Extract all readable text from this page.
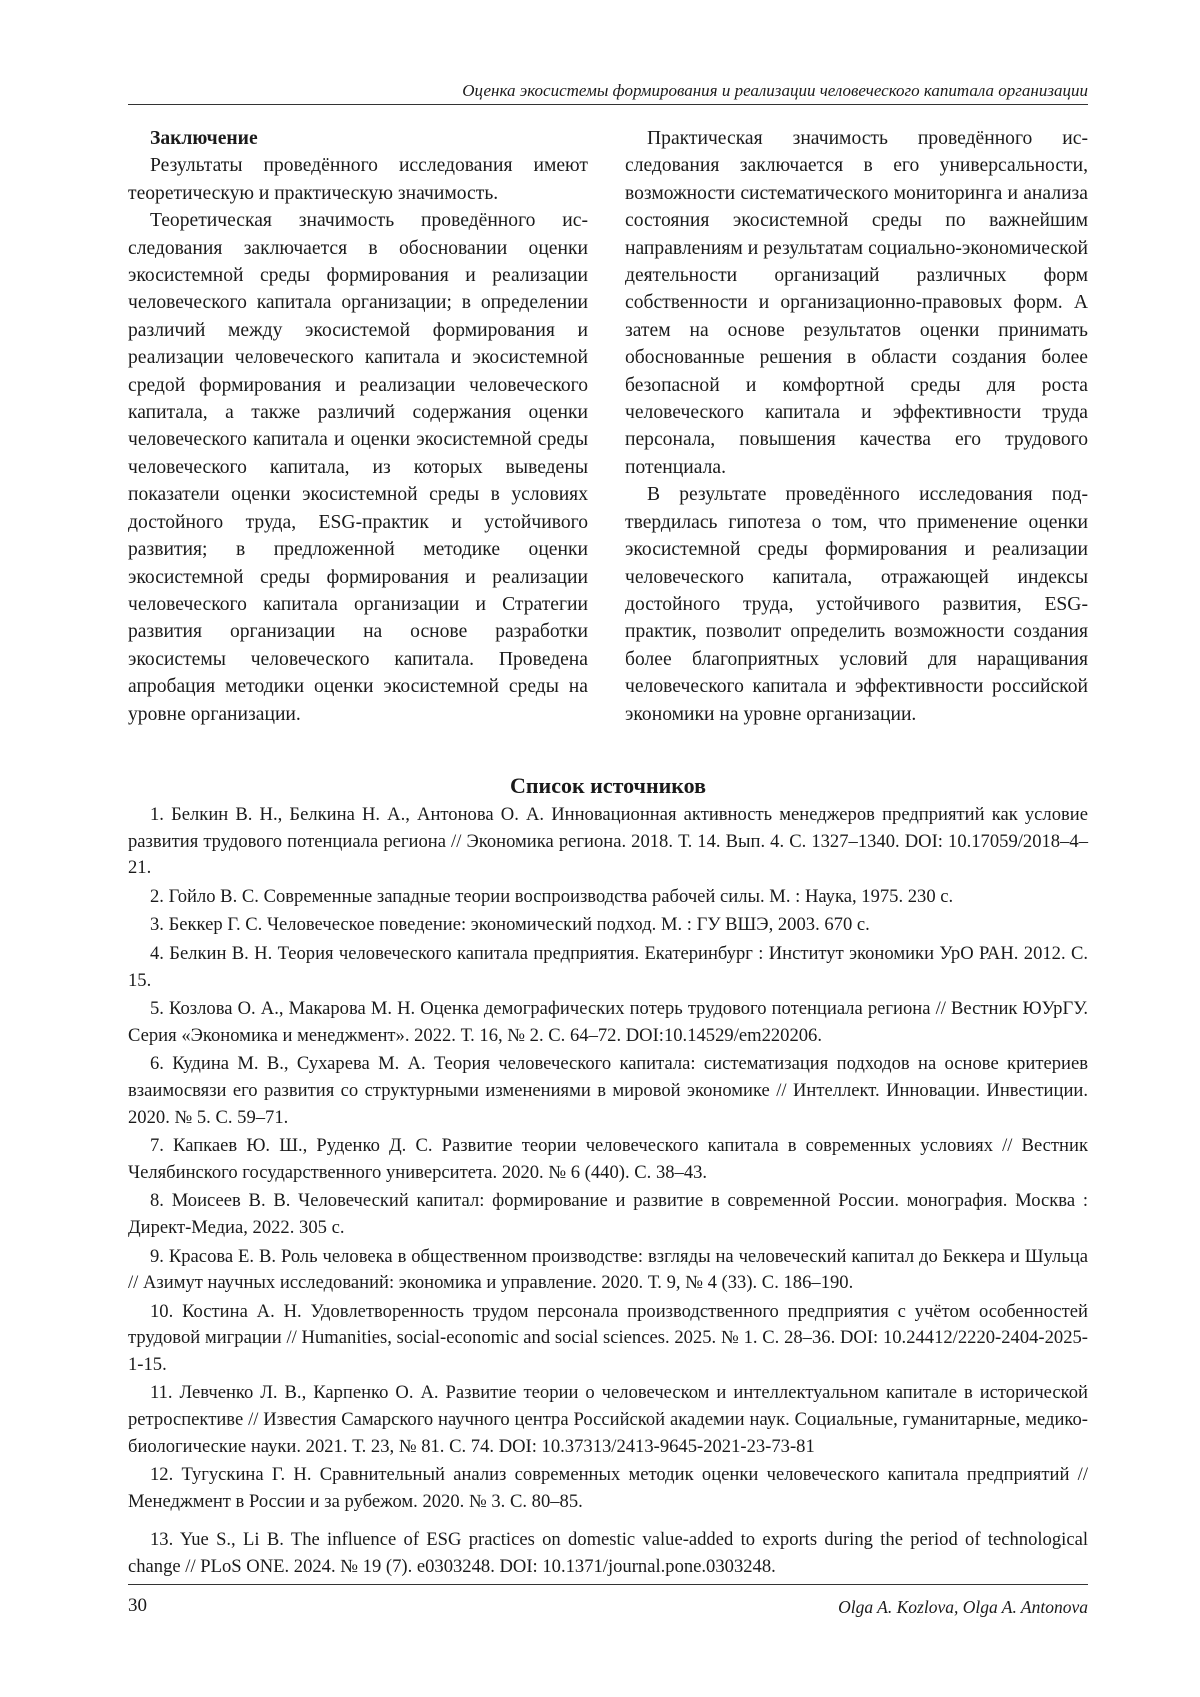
Оценка экосистемы формирования и реализации человеческого капитала организации

Заключение

Результаты проведённого исследования имеют теоретическую и практическую значимость.

Теоретическая значимость проведённого исследования заключается в обосновании оценки экосистемной среды формирования и реализации человеческого капитала организации; в определении различий между экосистемой формирования и реализации человеческого капитала и экосистемной средой формирования и реализации человеческого капитала, а также различий содержания оценки человеческого капитала и оценки экосистемной среды человеческого капитала, из которых выведены показатели оценки экосистемной среды в условиях достойного труда, ESG-практик и устойчивого развития; в предложенной методике оценки экосистемной среды формирования и реализации человеческого капитала организации и Стратегии развития организации на основе разработки экосистемы человеческого капитала. Проведена апробация методики оценки экосистемной среды на уровне организации.

Практическая значимость проведённого исследования заключается в его универсальности, возможности систематического мониторинга и анализа состояния экосистемной среды по важнейшим направлениям и результатам социально-экономической деятельности организаций различных форм собственности и организационно-правовых форм. А затем на основе результатов оценки принимать обоснованные решения в области создания более безопасной и комфортной среды для роста человеческого капитала и эффективности труда персонала, повышения качества его трудового потенциала.

В результате проведённого исследования подтвердилась гипотеза о том, что применение оценки экосистемной среды формирования и реализации человеческого капитала, отражающей индексы достойного труда, устойчивого развития, ESG-практик, позволит определить возможности создания более благоприятных условий для наращивания человеческого капитала и эффективности российской экономики на уровне организации.

Список источников

1. Белкин В. Н., Белкина Н. А., Антонова О. А. Инновационная активность менеджеров предприятий как условие развития трудового потенциала региона // Экономика региона. 2018. Т. 14. Вып. 4. С. 1327–1340. DOI: 10.17059/2018–4–21.

2. Гойло В. С. Современные западные теории воспроизводства рабочей силы. М. : Наука, 1975. 230 с.

3. Беккер Г. С. Человеческое поведение: экономический подход. М. : ГУ ВШЭ, 2003. 670 с.

4. Белкин В. Н. Теория человеческого капитала предприятия. Екатеринбург : Институт экономики УрО РАН. 2012. С. 15.

5. Козлова О. А., Макарова М. Н. Оценка демографических потерь трудового потенциала региона // Вестник ЮУрГУ. Серия «Экономика и менеджмент». 2022. Т. 16, № 2. С. 64–72. DOI:10.14529/em220206.

6. Кудина М. В., Сухарева М. А. Теория человеческого капитала: систематизация подходов на основе критериев взаимосвязи его развития со структурными изменениями в мировой экономике // Интеллект. Инновации. Инвестиции. 2020. № 5. С. 59–71.

7. Капкаев Ю. Ш., Руденко Д. С. Развитие теории человеческого капитала в современных условиях // Вестник Челябинского государственного университета. 2020. № 6 (440). С. 38–43.

8. Моисеев В. В. Человеческий капитал: формирование и развитие в современной России. монография. Москва : Директ-Медиа, 2022. 305 с.

9. Красова Е. В. Роль человека в общественном производстве: взгляды на человеческий капитал до Беккера и Шульца // Азимут научных исследований: экономика и управление. 2020. Т. 9, № 4 (33). С. 186–190.

10. Костина А. Н. Удовлетворенность трудом персонала производственного предприятия с учётом особенностей трудовой миграции // Humanities, social-economic and social sciences. 2025. № 1. С. 28–36. DOI: 10.24412/2220-2404-2025-1-15.

11. Левченко Л. В., Карпенко О. А. Развитие теории о человеческом и интеллектуальном капитале в исторической ретроспективе // Известия Самарского научного центра Российской академии наук. Социальные, гуманитарные, медико-биологические науки. 2021. Т. 23, № 81. С. 74. DOI: 10.37313/2413-9645-2021-23-73-81

12. Тугускина Г. Н. Сравнительный анализ современных методик оценки человеческого капитала предприятий // Менеджмент в России и за рубежом. 2020. № 3. С. 80–85.

13. Yue S., Li B. The influence of ESG practices on domestic value-added to exports during the period of technological change // PLoS ONE. 2024. № 19 (7). e0303248. DOI: 10.1371/journal.pone.0303248.

30	Olga A. Kozlova, Olga A. Antonova
